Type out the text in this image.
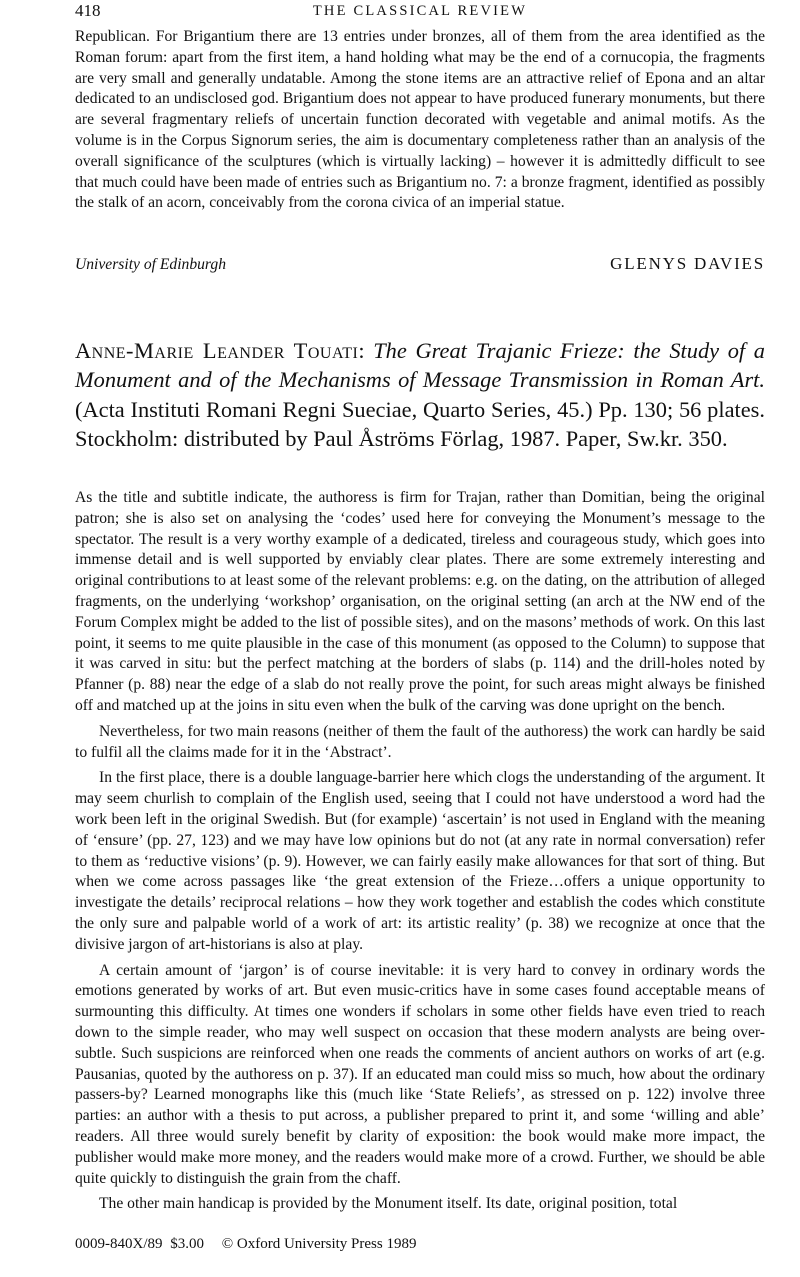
418	THE CLASSICAL REVIEW

Republican. For Brigantium there are 13 entries under bronzes, all of them from the area identified as the Roman forum: apart from the first item, a hand holding what may be the end of a cornucopia, the fragments are very small and generally undatable. Among the stone items are an attractive relief of Epona and an altar dedicated to an undisclosed god. Brigantium does not appear to have produced funerary monuments, but there are several fragmentary reliefs of uncertain function decorated with vegetable and animal motifs. As the volume is in the Corpus Signorum series, the aim is documentary completeness rather than an analysis of the overall significance of the sculptures (which is virtually lacking) – however it is admittedly difficult to see that much could have been made of entries such as Brigantium no. 7: a bronze fragment, identified as possibly the stalk of an acorn, conceivably from the corona civica of an imperial statue.

University of Edinburgh	GLENYS DAVIES

Anne-Marie Leander Touati: The Great Trajanic Frieze: the Study of a Monument and of the Mechanisms of Message Transmission in Roman Art. (Acta Instituti Romani Regni Sueciae, Quarto Series, 45.) Pp. 130; 56 plates. Stockholm: distributed by Paul Åströms Förlag, 1987. Paper, Sw.kr. 350.

As the title and subtitle indicate, the authoress is firm for Trajan, rather than Domitian, being the original patron; she is also set on analysing the ‘codes’ used here for conveying the Monument’s message to the spectator. The result is a very worthy example of a dedicated, tireless and courageous study, which goes into immense detail and is well supported by enviably clear plates. There are some extremely interesting and original contributions to at least some of the relevant problems: e.g. on the dating, on the attribution of alleged fragments, on the underlying ‘workshop’ organisation, on the original setting (an arch at the NW end of the Forum Complex might be added to the list of possible sites), and on the masons’ methods of work. On this last point, it seems to me quite plausible in the case of this monument (as opposed to the Column) to suppose that it was carved in situ: but the perfect matching at the borders of slabs (p. 114) and the drill-holes noted by Pfanner (p. 88) near the edge of a slab do not really prove the point, for such areas might always be finished off and matched up at the joins in situ even when the bulk of the carving was done upright on the bench.

Nevertheless, for two main reasons (neither of them the fault of the authoress) the work can hardly be said to fulfil all the claims made for it in the ‘Abstract’.

In the first place, there is a double language-barrier here which clogs the understanding of the argument. It may seem churlish to complain of the English used, seeing that I could not have understood a word had the work been left in the original Swedish. But (for example) ‘ascertain’ is not used in England with the meaning of ‘ensure’ (pp. 27, 123) and we may have low opinions but do not (at any rate in normal conversation) refer to them as ‘reductive visions’ (p. 9). However, we can fairly easily make allowances for that sort of thing. But when we come across passages like ‘the great extension of the Frieze…offers a unique opportunity to investigate the details’ reciprocal relations – how they work together and establish the codes which constitute the only sure and palpable world of a work of art: its artistic reality’ (p. 38) we recognize at once that the divisive jargon of art-historians is also at play.

A certain amount of ‘jargon’ is of course inevitable: it is very hard to convey in ordinary words the emotions generated by works of art. But even music-critics have in some cases found acceptable means of surmounting this difficulty. At times one wonders if scholars in some other fields have even tried to reach down to the simple reader, who may well suspect on occasion that these modern analysts are being over-subtle. Such suspicions are reinforced when one reads the comments of ancient authors on works of art (e.g. Pausanias, quoted by the authoress on p. 37). If an educated man could miss so much, how about the ordinary passers-by? Learned monographs like this (much like ‘State Reliefs’, as stressed on p. 122) involve three parties: an author with a thesis to put across, a publisher prepared to print it, and some ‘willing and able’ readers. All three would surely benefit by clarity of exposition: the book would make more impact, the publisher would make more money, and the readers would make more of a crowd. Further, we should be able quite quickly to distinguish the grain from the chaff.

The other main handicap is provided by the Monument itself. Its date, original position, total

0009-840X/89 $3.00 © Oxford University Press 1989
